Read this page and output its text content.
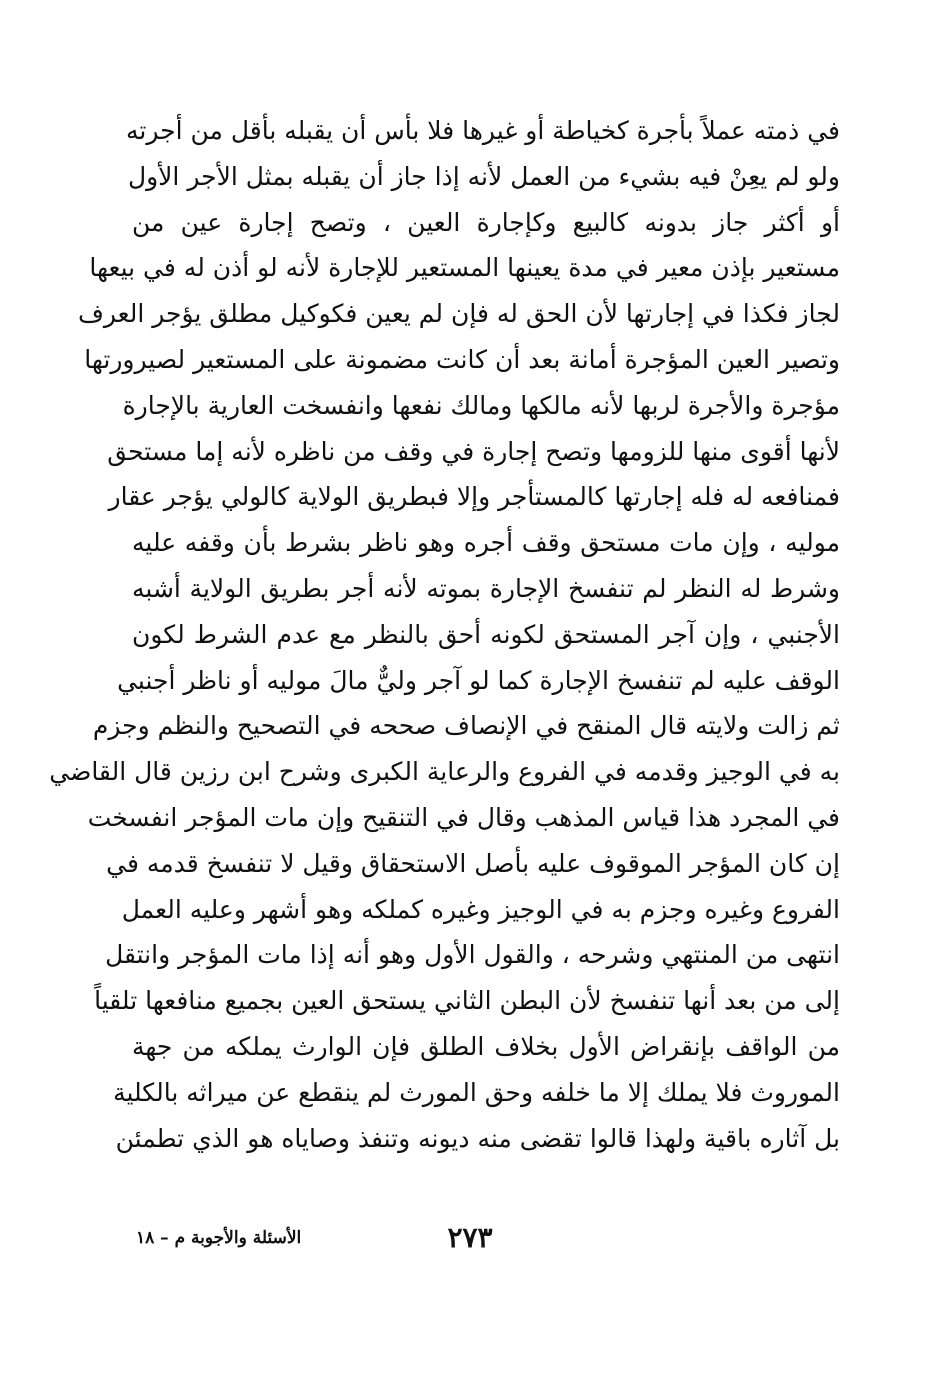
في ذمته عملاً بأجرة كخياطة أو غيرها فلا بأس أن يقبله بأقل من أجرته
ولو لم يعِنْ فيه بشيء من العمل لأنه إذا جاز أن يقبله بمثل الأجر الأول
أو أكثر جاز بدونه كالبيع وكإجارة العين ، وتصح إجارة عين من
مستعير بإذن معير في مدة يعينها المستعير للإجارة لأنه لو أذن له في بيعها
لجاز فكذا في إجارتها لأن الحق له فإن لم يعين فكوكيل مطلق يؤجر العرف
وتصير العين المؤجرة أمانة بعد أن كانت مضمونة على المستعير لصيرورتها
مؤجرة والأجرة لربها لأنه مالكها ومالك نفعها وانفسخت العارية بالإجارة
لأنها أقوى منها للزومها وتصح إجارة في وقف من ناظره لأنه إما مستحق
فمنافعه له فله إجارتها كالمستأجر وإلا فبطريق الولاية كالولي يؤجر عقار
موليه ، وإن مات مستحق وقف أجره وهو ناظر بشرط بأن وقفه عليه
وشرط له النظر لم تنفسخ الإجارة بموته لأنه أجر بطريق الولاية أشبه
الأجنبي ، وإن آجر المستحق لكونه أحق بالنظر مع عدم الشرط لكون
الوقف عليه لم تنفسخ الإجارة كما لو آجر وليٌّ مالَ موليه أو ناظر أجنبي
ثم زالت ولايته قال المنقح في الإنصاف صححه في التصحيح والنظم وجزم
به في الوجيز وقدمه في الفروع والرعاية الكبرى وشرح ابن رزين قال القاضي
في المجرد هذا قياس المذهب وقال في التنقيح وإن مات المؤجر انفسخت
إن كان المؤجر الموقوف عليه بأصل الاستحقاق وقيل لا تنفسخ قدمه في
الفروع وغيره وجزم به في الوجيز وغيره كملكه وهو أشهر وعليه العمل
انتهى من المنتهي وشرحه ، والقول الأول وهو أنه إذا مات المؤجر وانتقل
إلى من بعد أنها تنفسخ لأن البطن الثاني يستحق العين بجميع منافعها تلقياً
من الواقف بإنقراض الأول بخلاف الطلق فإن الوارث يملكه من جهة
الموروث فلا يملك إلا ما خلفه وحق المورث لم ينقطع عن ميراثه بالكلية
بل آثاره باقية ولهذا قالوا تقضى منه ديونه وتنفذ وصاياه هو الذي تطمئن
٢٧٣
الأسئلة والأجوبة م – ١٨
